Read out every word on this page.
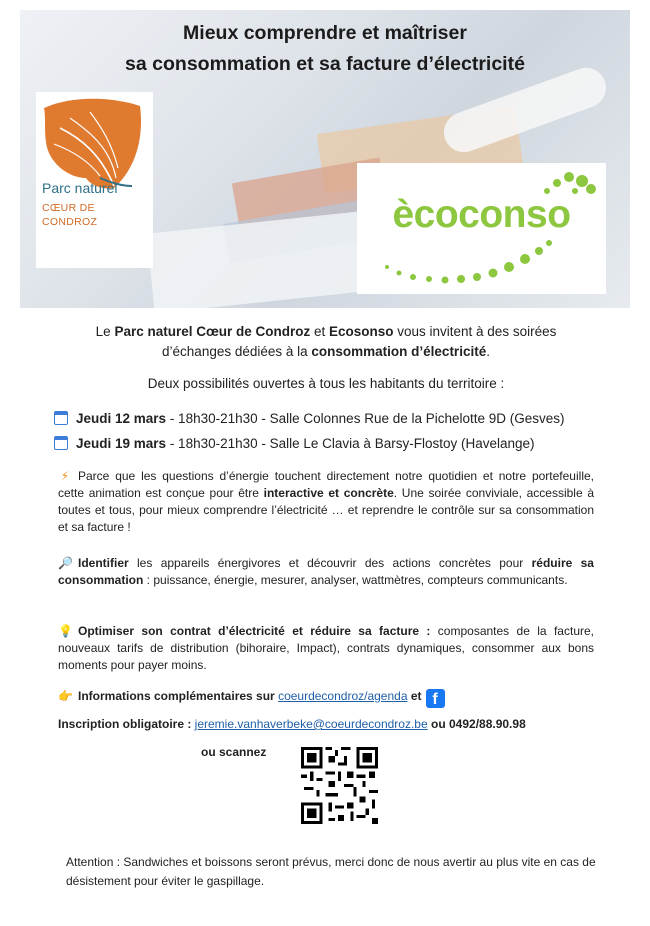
Mieux comprendre et maîtriser
sa consommation et sa facture d’électricité
Parc naturel
CŒUR DE
CONDROZ	ècoconso
Le Parc naturel Cœur de Condroz et Ecosonso vous invitent à des soirées
d’échanges dédiées à la consommation d’électricité.
Deux possibilités ouvertes à tous les habitants du territoire :
Jeudi 12 mars - 18h30-21h30 - Salle Colonnes Rue de la Pichelotte 9D (Gesves)
Jeudi 19 mars - 18h30-21h30 - Salle Le Clavia à Barsy-Flostoy (Havelange)
⚡ Parce que les questions d’énergie touchent directement notre quotidien et notre portefeuille, cette animation est conçue pour être interactive et concrète. Une soirée conviviale, accessible à toutes et tous, pour mieux comprendre l’électricité … et reprendre le contrôle sur sa consommation et sa facture !
🔎 Identifier les appareils énergivores et découvrir des actions concrètes pour réduire sa consommation : puissance, énergie, mesurer, analyser, wattmètres, compteurs communicants.
💡 Optimiser son contrat d’électricité et réduire sa facture : composantes de la facture, nouveaux tarifs de distribution (bihoraire, Impact), contrats dynamiques, consommer aux bons moments pour payer moins.
👉 Informations complémentaires sur coeurdecondroz/agenda et f
Inscription obligatoire : jeremie.vanhaverbeke@coeurdecondroz.be ou 0492/88.90.98
ou scannez
Attention : Sandwiches et boissons seront prévus, merci donc de nous avertir au plus vite en cas de désistement pour éviter le gaspillage.
